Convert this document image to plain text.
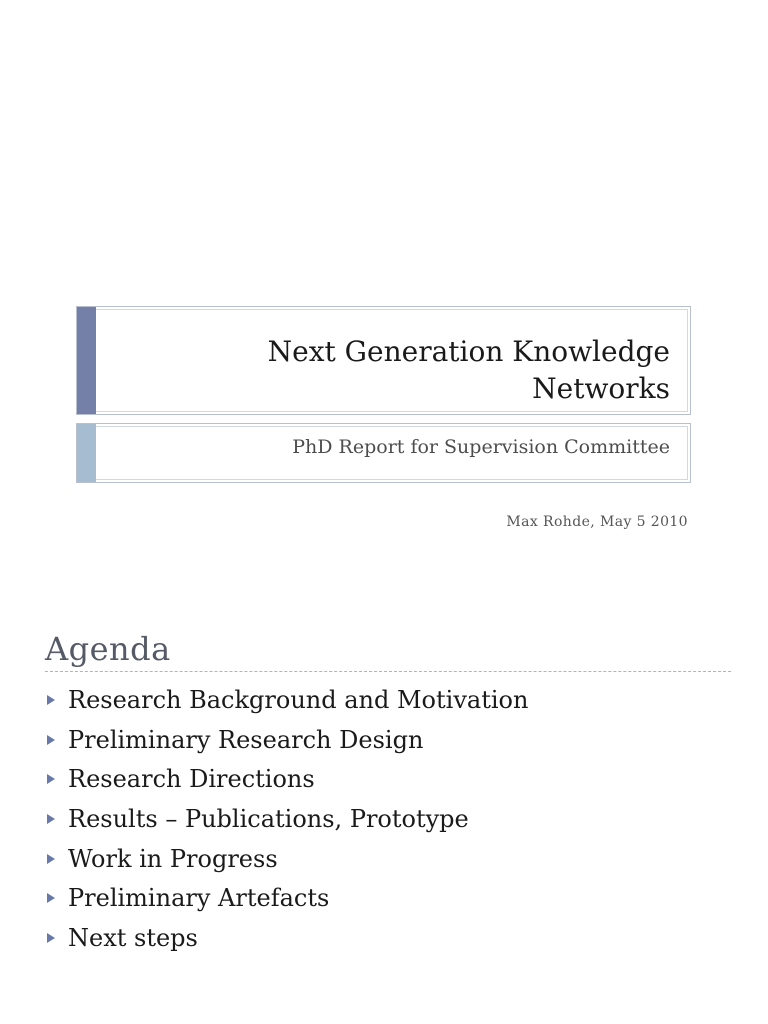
Next Generation Knowledge
Networks
PhD Report for Supervision Committee
Max Rohde, May 5 2010
Agenda
Research Background and Motivation
Preliminary Research Design
Research Directions
Results – Publications, Prototype
Work in Progress
Preliminary Artefacts
Next steps
